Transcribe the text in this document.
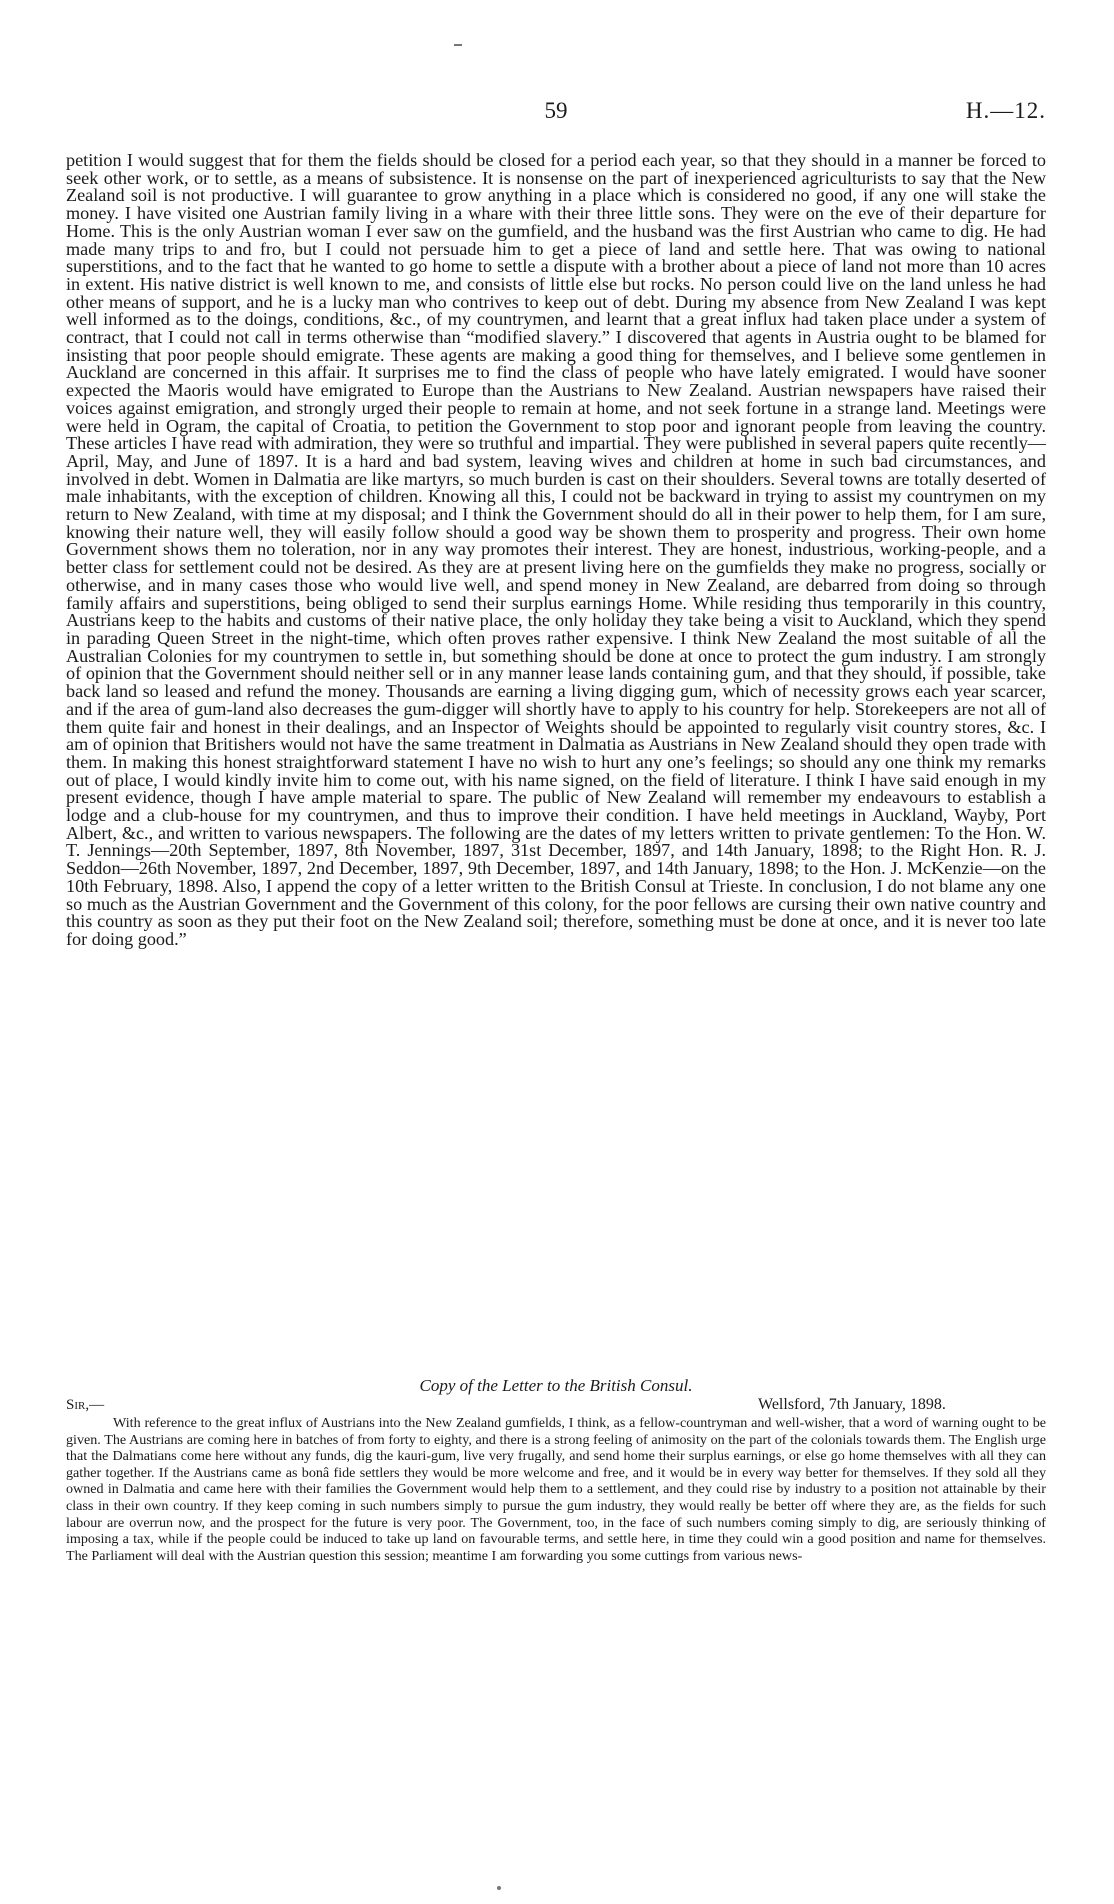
59	H.—12.

petition I would suggest that for them the fields should be closed for a period each year, so that they should in a manner be forced to seek other work, or to settle, as a means of subsistence. It is nonsense on the part of inexperienced agriculturists to say that the New Zealand soil is not productive. I will guarantee to grow anything in a place which is considered no good, if any one will stake the money. I have visited one Austrian family living in a whare with their three little sons. They were on the eve of their departure for Home. This is the only Austrian woman I ever saw on the gumfield, and the husband was the first Austrian who came to dig. He had made many trips to and fro, but I could not persuade him to get a piece of land and settle here. That was owing to national superstitions, and to the fact that he wanted to go home to settle a dispute with a brother about a piece of land not more than 10 acres in extent. His native district is well known to me, and consists of little else but rocks. No person could live on the land unless he had other means of support, and he is a lucky man who contrives to keep out of debt. During my absence from New Zealand I was kept well informed as to the doings, conditions, &c., of my countrymen, and learnt that a great influx had taken place under a system of contract, that I could not call in terms otherwise than “modified slavery.” I discovered that agents in Austria ought to be blamed for insisting that poor people should emigrate. These agents are making a good thing for themselves, and I believe some gentlemen in Auckland are concerned in this affair. It surprises me to find the class of people who have lately emigrated. I would have sooner expected the Maoris would have emigrated to Europe than the Austrians to New Zealand. Austrian newspapers have raised their voices against emigration, and strongly urged their people to remain at home, and not seek fortune in a strange land. Meetings were were held in Ogram, the capital of Croatia, to petition the Government to stop poor and ignorant people from leaving the country. These articles I have read with admiration, they were so truthful and impartial. They were published in several papers quite recently—April, May, and June of 1897. It is a hard and bad system, leaving wives and children at home in such bad circumstances, and involved in debt. Women in Dalmatia are like martyrs, so much burden is cast on their shoulders. Several towns are totally deserted of male inhabitants, with the exception of children. Knowing all this, I could not be backward in trying to assist my countrymen on my return to New Zealand, with time at my disposal; and I think the Government should do all in their power to help them, for I am sure, knowing their nature well, they will easily follow should a good way be shown them to prosperity and progress. Their own home Government shows them no toleration, nor in any way promotes their interest. They are honest, industrious, working-people, and a better class for settlement could not be desired. As they are at present living here on the gumfields they make no progress, socially or otherwise, and in many cases those who would live well, and spend money in New Zealand, are debarred from doing so through family affairs and superstitions, being obliged to send their surplus earnings Home. While residing thus temporarily in this country, Austrians keep to the habits and customs of their native place, the only holiday they take being a visit to Auckland, which they spend in parading Queen Street in the night-time, which often proves rather expensive. I think New Zealand the most suitable of all the Australian Colonies for my countrymen to settle in, but something should be done at once to protect the gum industry. I am strongly of opinion that the Government should neither sell or in any manner lease lands containing gum, and that they should, if possible, take back land so leased and refund the money. Thousands are earning a living digging gum, which of necessity grows each year scarcer, and if the area of gum-land also decreases the gum-digger will shortly have to apply to his country for help. Storekeepers are not all of them quite fair and honest in their dealings, and an Inspector of Weights should be appointed to regularly visit country stores, &c. I am of opinion that Britishers would not have the same treatment in Dalmatia as Austrians in New Zealand should they open trade with them. In making this honest straightforward statement I have no wish to hurt any one’s feelings; so should any one think my remarks out of place, I would kindly invite him to come out, with his name signed, on the field of literature. I think I have said enough in my present evidence, though I have ample material to spare. The public of New Zealand will remember my endeavours to establish a lodge and a club-house for my countrymen, and thus to improve their condition. I have held meetings in Auckland, Wayby, Port Albert, &c., and written to various newspapers. The following are the dates of my letters written to private gentlemen: To the Hon. W. T. Jennings—20th September, 1897, 8th November, 1897, 31st December, 1897, and 14th January, 1898; to the Right Hon. R. J. Seddon—26th November, 1897, 2nd December, 1897, 9th December, 1897, and 14th January, 1898; to the Hon. J. McKenzie—on the 10th February, 1898. Also, I append the copy of a letter written to the British Consul at Trieste. In conclusion, I do not blame any one so much as the Austrian Government and the Government of this colony, for the poor fellows are cursing their own native country and this country as soon as they put their foot on the New Zealand soil; therefore, something must be done at once, and it is never too late for doing good.”

Copy of the Letter to the British Consul.
Sir,—	Wellsford, 7th January, 1898.

With reference to the great influx of Austrians into the New Zealand gumfields, I think, as a fellow-countryman and well-wisher, that a word of warning ought to be given. The Austrians are coming here in batches of from forty to eighty, and there is a strong feeling of animosity on the part of the colonials towards them. The English urge that the Dalmatians come here without any funds, dig the kauri-gum, live very frugally, and send home their surplus earnings, or else go home themselves with all they can gather together. If the Austrians came as bonâ fide settlers they would be more welcome and free, and it would be in every way better for themselves. If they sold all they owned in Dalmatia and came here with their families the Government would help them to a settlement, and they could rise by industry to a position not attainable by their class in their own country. If they keep coming in such numbers simply to pursue the gum industry, they would really be better off where they are, as the fields for such labour are overrun now, and the prospect for the future is very poor. The Government, too, in the face of such numbers coming simply to dig, are seriously thinking of imposing a tax, while if the people could be induced to take up land on favourable terms, and settle here, in time they could win a good position and name for themselves. The Parliament will deal with the Austrian question this session; meantime I am forwarding you some cuttings from various news-
